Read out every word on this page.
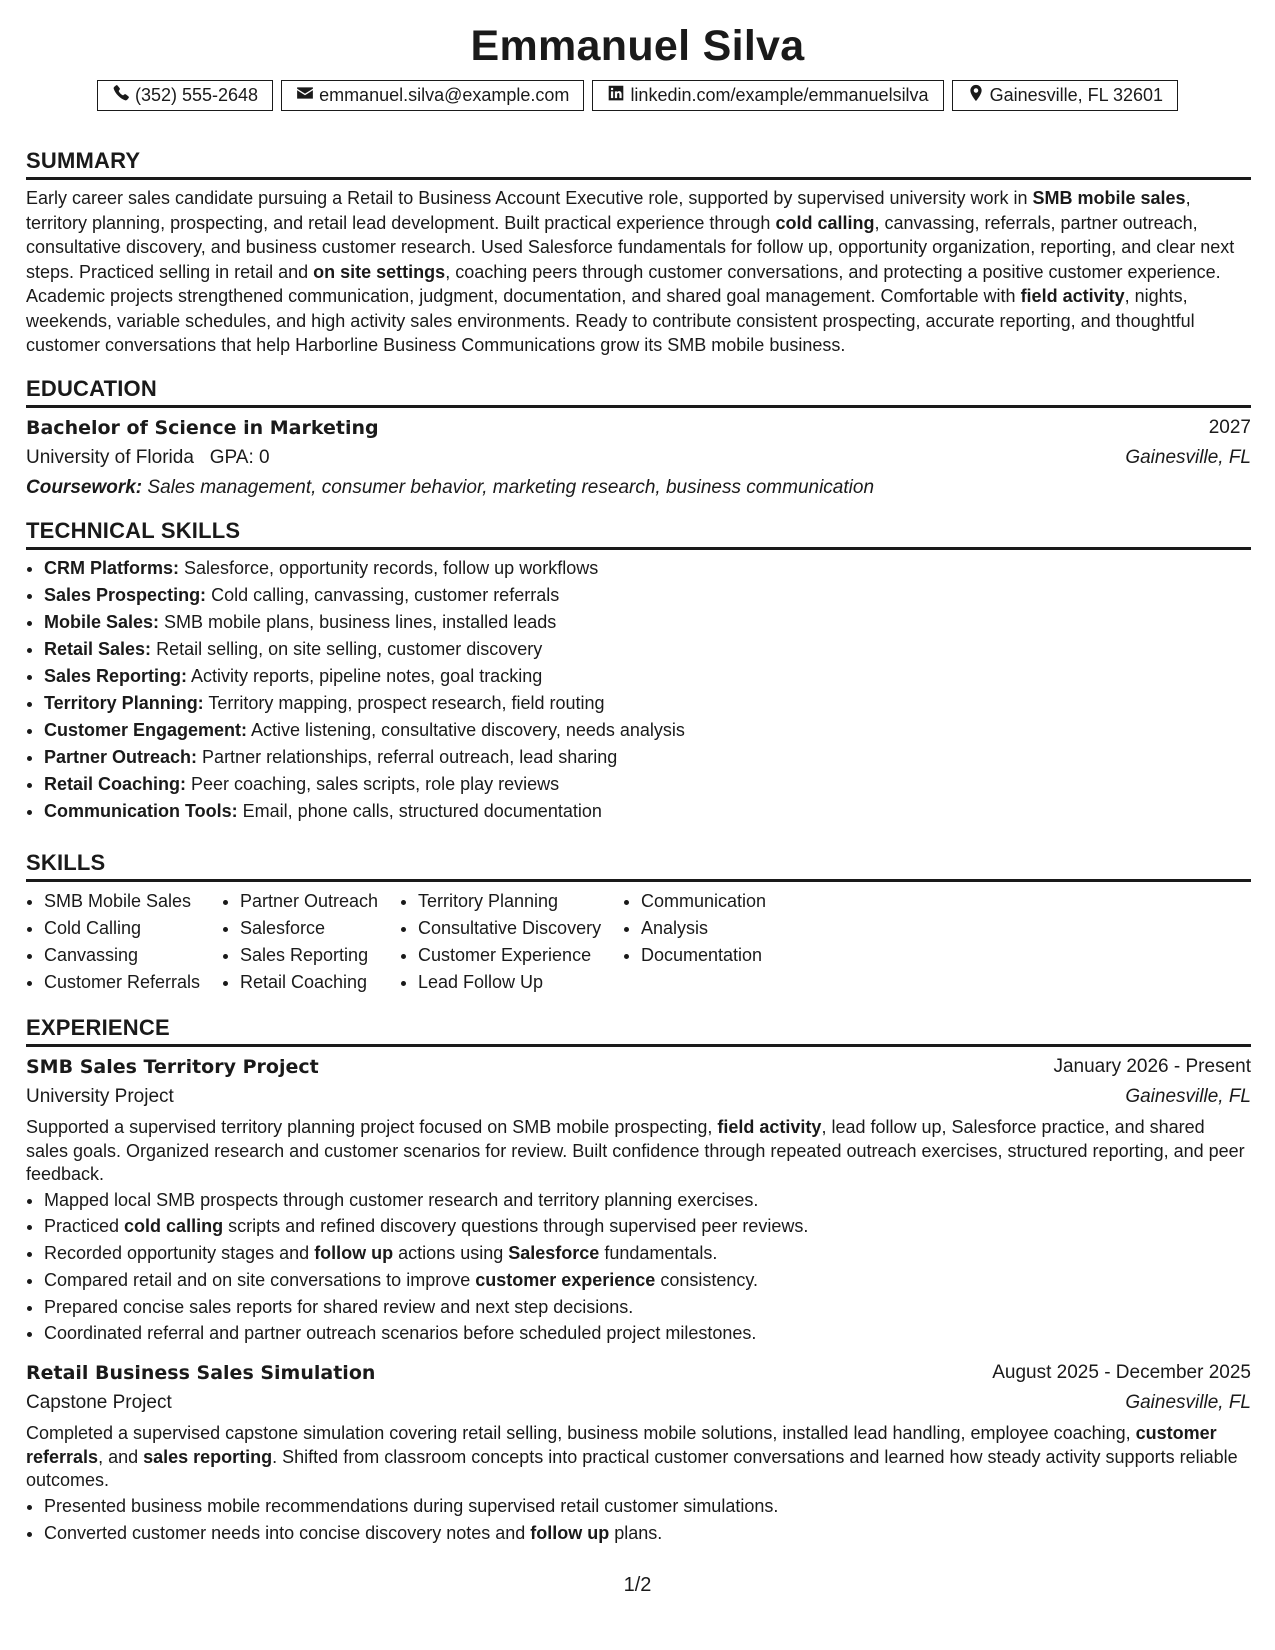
Emmanuel Silva
(352) 555-2648	emmanuel.silva@example.com	linkedin.com/example/emmanuelsilva	Gainesville, FL 32601
SUMMARY
Early career sales candidate pursuing a Retail to Business Account Executive role, supported by supervised university work in SMB mobile sales, territory planning, prospecting, and retail lead development. Built practical experience through cold calling, canvassing, referrals, partner outreach, consultative discovery, and business customer research. Used Salesforce fundamentals for follow up, opportunity organization, reporting, and clear next steps. Practiced selling in retail and on site settings, coaching peers through customer conversations, and protecting a positive customer experience. Academic projects strengthened communication, judgment, documentation, and shared goal management. Comfortable with field activity, nights, weekends, variable schedules, and high activity sales environments. Ready to contribute consistent prospecting, accurate reporting, and thoughtful customer conversations that help Harborline Business Communications grow its SMB mobile business.
EDUCATION
Bachelor of Science in Marketing	2027
University of Florida GPA: 0	Gainesville, FL
Coursework: Sales management, consumer behavior, marketing research, business communication
TECHNICAL SKILLS
• CRM Platforms: Salesforce, opportunity records, follow up workflows
• Sales Prospecting: Cold calling, canvassing, customer referrals
• Mobile Sales: SMB mobile plans, business lines, installed leads
• Retail Sales: Retail selling, on site selling, customer discovery
• Sales Reporting: Activity reports, pipeline notes, goal tracking
• Territory Planning: Territory mapping, prospect research, field routing
• Customer Engagement: Active listening, consultative discovery, needs analysis
• Partner Outreach: Partner relationships, referral outreach, lead sharing
• Retail Coaching: Peer coaching, sales scripts, role play reviews
• Communication Tools: Email, phone calls, structured documentation
SKILLS
• SMB Mobile Sales
• Cold Calling
• Canvassing
• Customer Referrals
• Partner Outreach
• Salesforce
• Sales Reporting
• Retail Coaching
• Territory Planning
• Consultative Discovery
• Customer Experience
• Lead Follow Up
• Communication
• Analysis
• Documentation
EXPERIENCE
SMB Sales Territory Project	January 2026 - Present
University Project	Gainesville, FL
Supported a supervised territory planning project focused on SMB mobile prospecting, field activity, lead follow up, Salesforce practice, and shared sales goals. Organized research and customer scenarios for review. Built confidence through repeated outreach exercises, structured reporting, and peer feedback.
• Mapped local SMB prospects through customer research and territory planning exercises.
• Practiced cold calling scripts and refined discovery questions through supervised peer reviews.
• Recorded opportunity stages and follow up actions using Salesforce fundamentals.
• Compared retail and on site conversations to improve customer experience consistency.
• Prepared concise sales reports for shared review and next step decisions.
• Coordinated referral and partner outreach scenarios before scheduled project milestones.
Retail Business Sales Simulation	August 2025 - December 2025
Capstone Project	Gainesville, FL
Completed a supervised capstone simulation covering retail selling, business mobile solutions, installed lead handling, employee coaching, customer referrals, and sales reporting. Shifted from classroom concepts into practical customer conversations and learned how steady activity supports reliable outcomes.
• Presented business mobile recommendations during supervised retail customer simulations.
• Converted customer needs into concise discovery notes and follow up plans.
1/2
